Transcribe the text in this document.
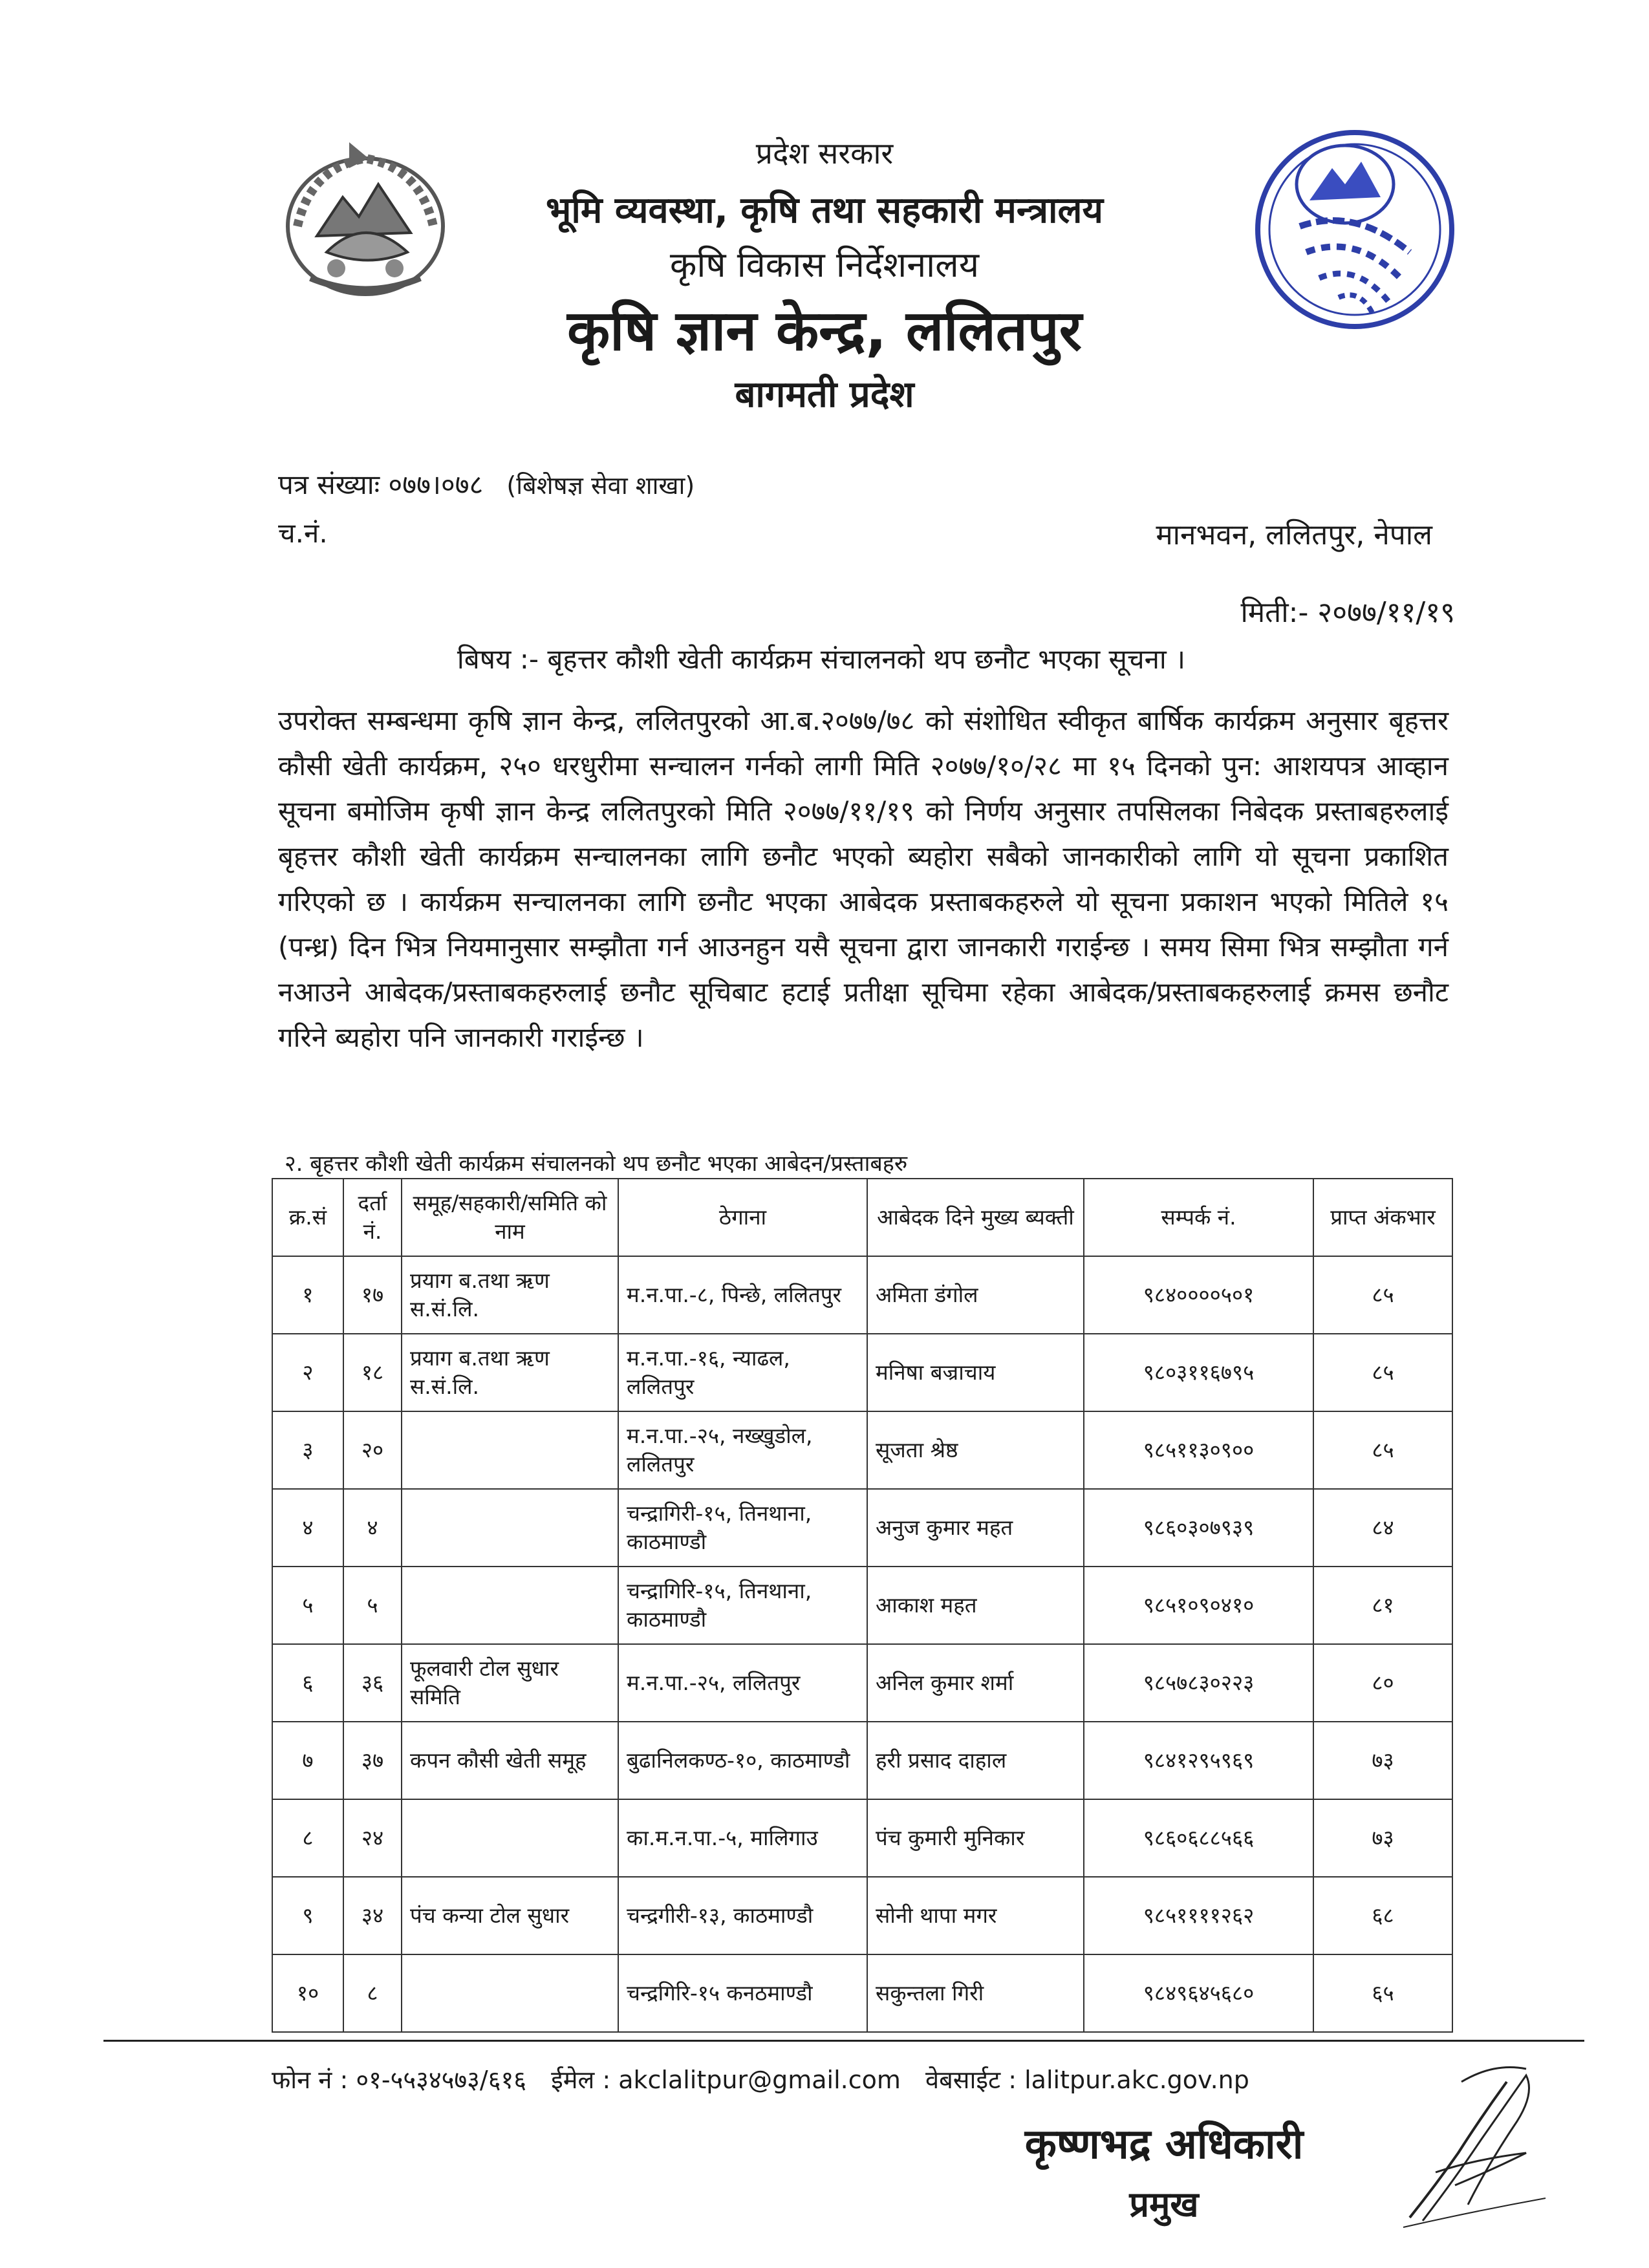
प्रदेश सरकार
भूमि व्यवस्था, कृषि तथा सहकारी मन्त्रालय
कृषि विकास निर्देशनालय
कृषि ज्ञान केन्द्र, ललितपुर
बागमती प्रदेश
पत्र संख्याः ०७७।०७८ (बिशेषज्ञ सेवा शाखा)
च.नं.	मानभवन, ललितपुर, नेपाल
मिती:- २०७७/११/१९
बिषय :- बृहत्तर कौशी खेती कार्यक्रम संचालनको थप छनौट भएका सूचना ।

उपरोक्त सम्बन्धमा कृषि ज्ञान केन्द्र, ललितपुरको आ.ब.२०७७/७८ को संशोधित स्वीकृत बार्षिक कार्यक्रम अनुसार बृहत्तर कौसी खेती कार्यक्रम, २५० धरधुरीमा सन्चालन गर्नको लागी मिति २०७७/१०/२८ मा १५ दिनको पुन: आशयपत्र आव्हान सूचना बमोजिम कृषी ज्ञान केन्द्र ललितपुरको मिति २०७७/११/१९ को निर्णय अनुसार तपसिलका निबेदक प्रस्ताबहरुलाई बृहत्तर कौशी खेती कार्यक्रम सन्चालनका लागि छनौट भएको ब्यहोरा सबैको जानकारीको लागि यो सूचना प्रकाशित गरिएको छ । कार्यक्रम सन्चालनका लागि छनौट भएका आबेदक प्रस्ताबकहरुले यो सूचना प्रकाशन भएको मितिले १५ (पन्ध्र) दिन भित्र नियमानुसार सम्झौता गर्न आउनहुन यसै सूचना द्वारा जानकारी गराईन्छ । समय सिमा भित्र सम्झौता गर्न नआउने आबेदक/प्रस्ताबकहरुलाई छनौट सूचिबाट हटाई प्रतीक्षा सूचिमा रहेका आबेदक/प्रस्ताबकहरुलाई क्रमस छनौट गरिने ब्यहोरा पनि जानकारी गराईन्छ ।

२. बृहत्तर कौशी खेती कार्यक्रम संचालनको थप छनौट भएका आबेदन/प्रस्ताबहरु
क्र.सं	दर्ता नं.	समूह/सहकारी/समिति को नाम	ठेगाना	आबेदक दिने मुख्य ब्यक्ती	सम्पर्क नं.	प्राप्त अंकभार
१	१७	प्रयाग ब.तथा ऋण स.सं.लि.	म.न.पा.-८, पिन्छे, ललितपुर	अमिता डंगोल	९८४००००५०१	८५
२	१८	प्रयाग ब.तथा ऋण स.सं.लि.	म.न.पा.-१६, न्याढल, ललितपुर	मनिषा बज्राचाय	९८०३११६७९५	८५
३	२०		म.न.पा.-२५, नख्खुडोल, ललितपुर	सूजता श्रेष्ठ	९८५११३०९००	८५
४	४		चन्द्रागिरी-१५, तिनथाना, काठमाण्डौ	अनुज कुमार महत	९८६०३०७९३९	८४
५	५		चन्द्रागिरि-१५, तिनथाना, काठमाण्डौ	आकाश महत	९८५१०९०४१०	८१
६	३६	फूलवारी टोल सुधार समिति	म.न.पा.-२५, ललितपुर	अनिल कुमार शर्मा	९८५७८३०२२३	८०
७	३७	कपन कौसी खेती समूह	बुढानिलकण्ठ-१०, काठमाण्डौ	हरी प्रसाद दाहाल	९८४१२९५९६९	७३
८	२४		का.म.न.पा.-५, मालिगाउ	पंच कुमारी मुनिकार	९८६०६८८५६६	७३
९	३४	पंच कन्या टोल सुधार	चन्द्रगीरी-१३, काठमाण्डौ	सोनी थापा मगर	९८५११११२६२	६८
१०	८		चन्द्रगिरि-१५ कनठमाण्डौ	सकुन्तला गिरी	९८४९६४५६८०	६५
फोन नं : ०१-५५३४५७३/६१६ ईमेल : akclalitpur@gmail.com वेबसाईट : lalitpur.akc.gov.np
कृष्णभद्र अधिकारी
प्रमुख
